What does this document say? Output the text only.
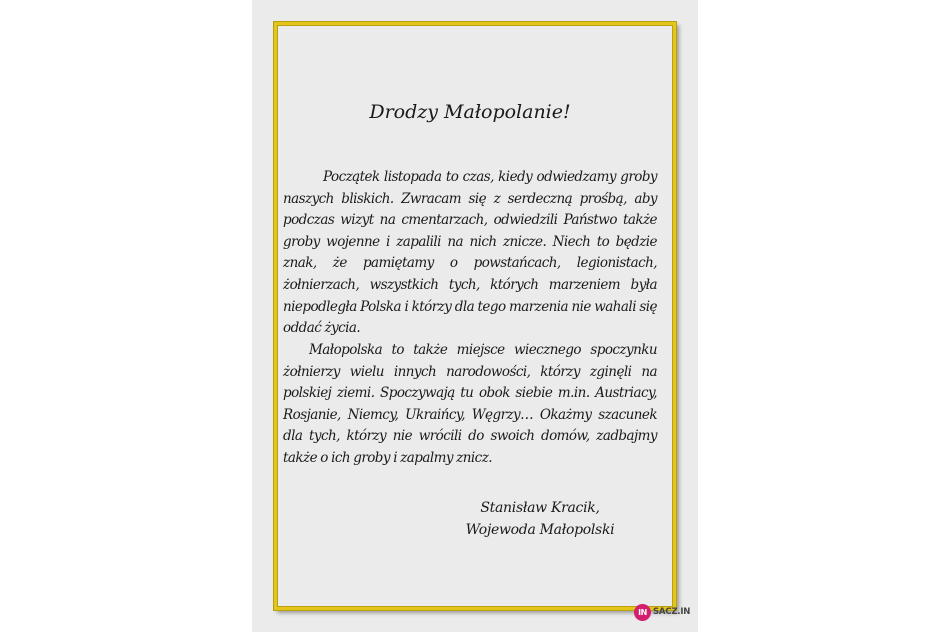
Drodzy Małopolanie!

Początek listopada to czas, kiedy odwiedzamy groby naszych bliskich. Zwracam się z serdeczną prośbą, aby podczas wizyt na cmentarzach, odwiedzili Państwo także groby wojenne i zapalili na nich znicze. Niech to będzie znak, że pamiętamy o powstańcach, legionistach, żołnierzach, wszystkich tych, których marzeniem była niepodległa Polska i którzy dla tego marzenia nie wahali się oddać życia.

Małopolska to także miejsce wiecznego spoczynku żołnierzy wielu innych narodowości, którzy zginęli na polskiej ziemi. Spoczywają tu obok siebie m.in. Austriacy, Rosjanie, Niemcy, Ukraińcy, Węgrzy… Okażmy szacunek dla tych, którzy nie wrócili do swoich domów, zadbajmy także o ich groby i zapalmy znicz.

Stanisław Kracik,
Wojewoda Małopolski
IN SACZ.IN
